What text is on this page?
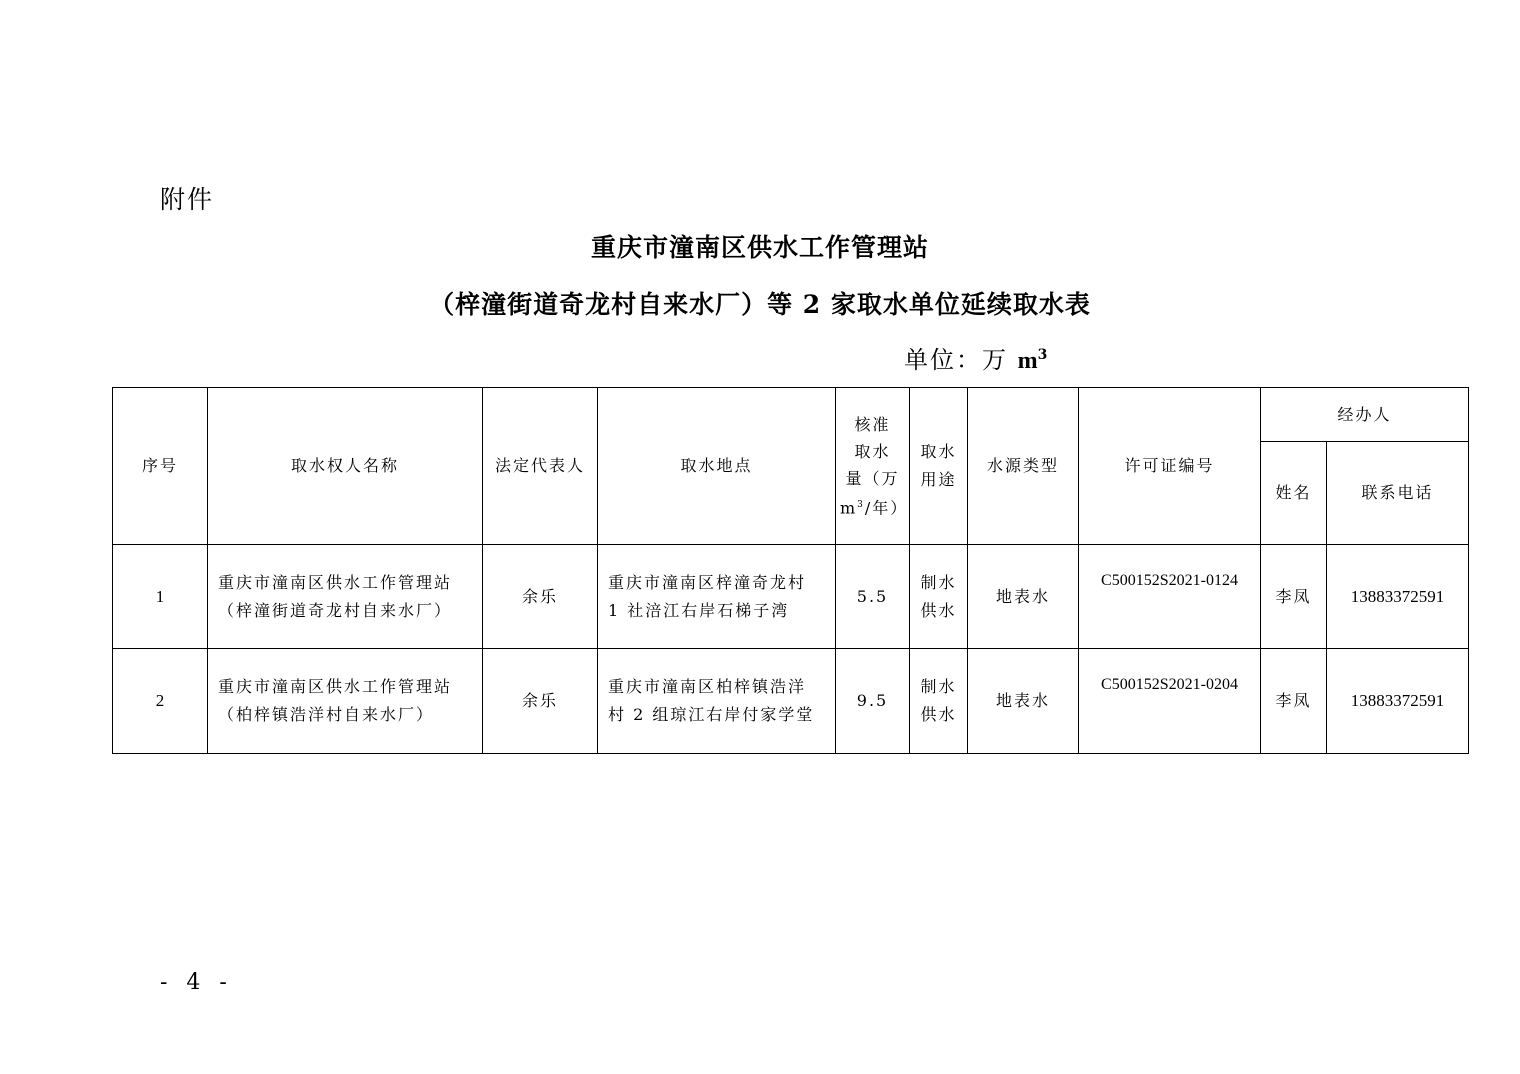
附件
重庆市潼南区供水工作管理站
（梓潼街道奇龙村自来水厂）等 2 家取水单位延续取水表
单位：万 $m^3$
序号	取水权人名称	法定代表人	取水地点	核准
取水
量（万
$m^3/$年）	取水
用途	水源类型	许可证编号	经办人	
								姓名	联系电话
1	重庆市潼南区供水工作管理站
（梓潼街道奇龙村自来水厂）	余乐	重庆市潼南区梓潼奇龙村
1 社涪江右岸石梯子湾	5.5	制水
供水	地表水	C500152S2021-0124	李凤	13883372591
2	重庆市潼南区供水工作管理站
（柏梓镇浩洋村自来水厂）	余乐	重庆市潼南区柏梓镇浩洋
村 2 组琼江右岸付家学堂	9.5	制水
供水	地表水	C500152S2021-0204	李凤	13883372591
- 4 -
